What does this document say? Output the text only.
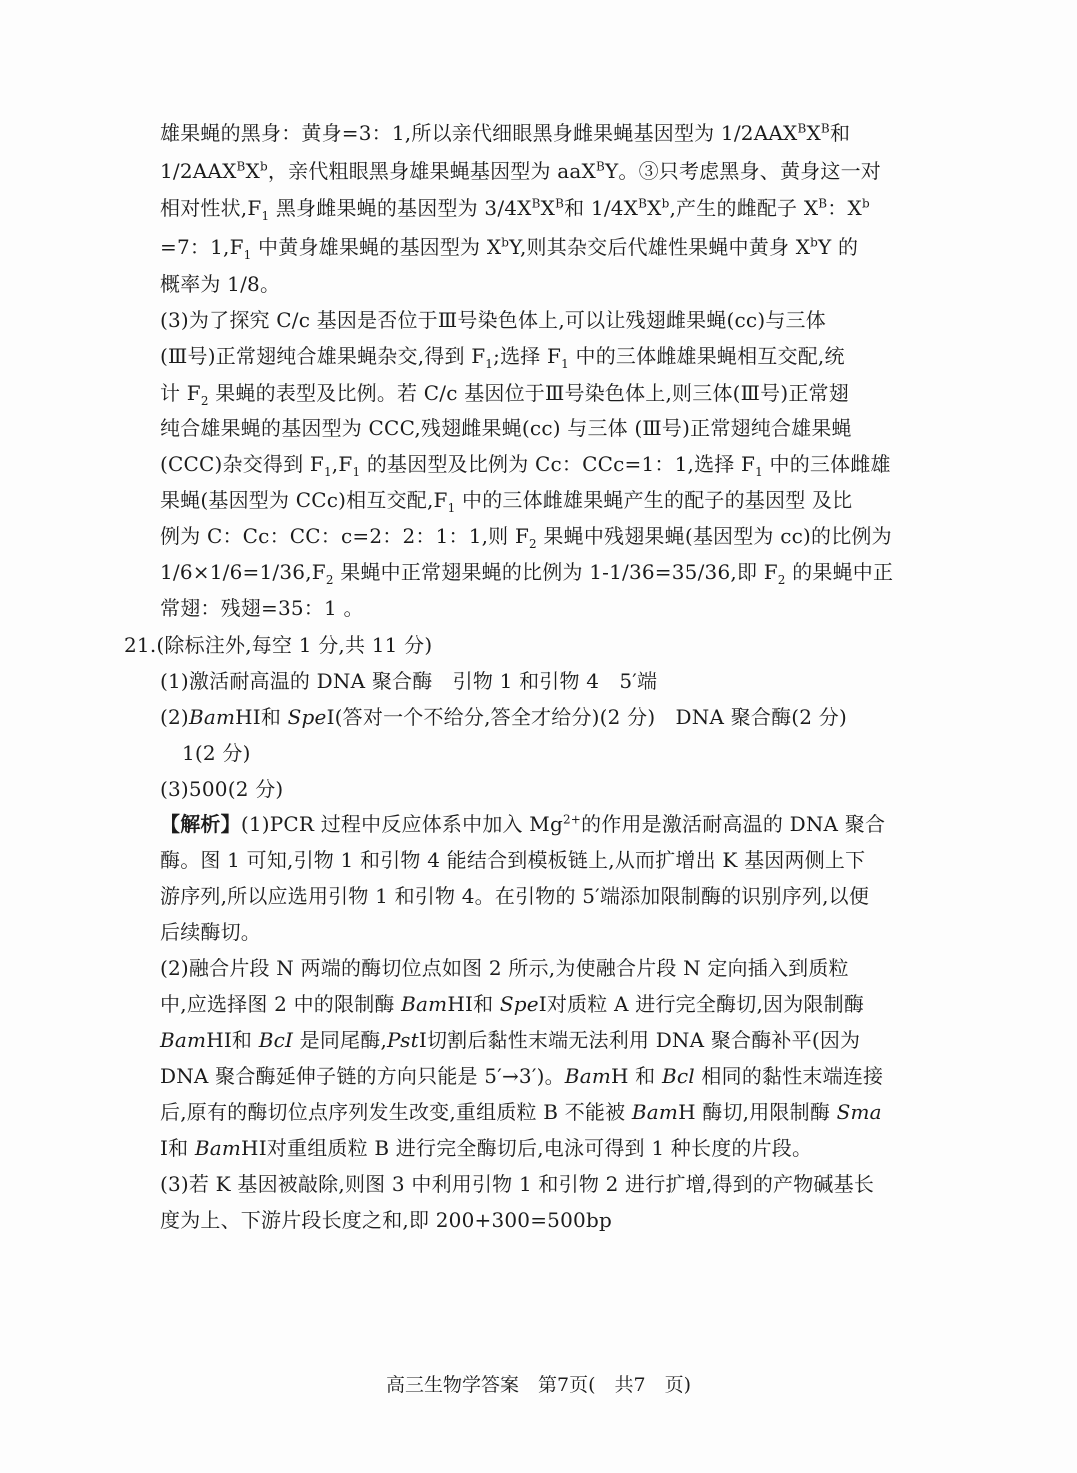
雄果蝇的黑身：黄身=3：1,所以亲代细眼黑身雌果蝇基因型为 $1/2AAX^BX^B$和
$1/2AAX^BX^b$，亲代粗眼黑身雄果蝇基因型为 aaX$^B$Y。③只考虑黑身、黄身这一对
相对性状$,F_1$ 黑身雌果蝇的基因型为 $3/4X^BX^B$和 $1/4X^BX^b$,产生的雌配子 $X^B$：$X^b$
=7：$1,F_1$ 中黄身雄果蝇的基因型为 $X^bY$,则其杂交后代雄性果蝇中黄身 $X^bY$ 的
概率为 1/8。
(3)为了探究 C/c 基因是否位于Ⅲ号染色体上,可以让残翅雌果蝇(cc)与三体
(Ⅲ号)正常翅纯合雄果蝇杂交,得到 $F_1$;选择 $F_1$ 中的三体雌雄果蝇相互交配,统
计 $F_2$ 果蝇的表型及比例。若 C/c 基因位于Ⅲ号染色体上,则三体(Ⅲ号)正常翅
纯合雄果蝇的基因型为 CCC,残翅雌果蝇(cc) 与三体 (Ⅲ号)正常翅纯合雄果蝇
(CCC)杂交得到 $F_1,F_1$ 的基因型及比例为 Cc：CCc=1：1,选择 $F_1$ 中的三体雌雄
果蝇(基因型为 CCc)相互交配$,F_1$ 中的三体雌雄果蝇产生的配子的基因型 及比
例为 C：Cc：CC：c=2：2：1：1,则 $F_2$ 果蝇中残翅果蝇(基因型为 cc)的比例为
$1/6\times 1/6=1/36,F_2$ 果蝇中正常翅果蝇的比例为 1-1/36=35/36,即 $F_2$ 的果蝇中正
常翅：残翅=35：1 。
21.(除标注外,每空 1 分,共 11 分)
(1)激活耐高温的 DNA 聚合酶　引物 1 和引物 4　5′端
(2)BamHⅠ和 SpeⅠ(答对一个不给分,答全才给分)(2 分)　DNA 聚合酶(2 分)
1(2 分)
(3)500(2 分)
【解析】(1)PCR 过程中反应体系中加入 $Mg^{2+}$的作用是激活耐高温的 DNA 聚合
酶。图 1 可知,引物 1 和引物 4 能结合到模板链上,从而扩增出 K 基因两侧上下
游序列,所以应选用引物 1 和引物 4。在引物的 5′端添加限制酶的识别序列,以便
后续酶切。
(2)融合片段 N 两端的酶切位点如图 2 所示,为使融合片段 N 定向插入到质粒
中,应选择图 2 中的限制酶 BamHⅠ和 SpeⅠ对质粒 A 进行完全酶切,因为限制酶
BamHⅠ和 BcI 是同尾酶,PstⅠ切割后黏性末端无法利用 DNA 聚合酶补平(因为
DNA 聚合酶延伸子链的方向只能是 5′→3′)。BamH 和 Bcl 相同的黏性末端连接
后,原有的酶切位点序列发生改变,重组质粒 B 不能被 BamH 酶切,用限制酶 Sma
Ⅰ和 BamHⅠ对重组质粒 B 进行完全酶切后,电泳可得到 1 种长度的片段。
(3)若 K 基因被敲除,则图 3 中利用引物 1 和引物 2 进行扩增,得到的产物碱基长
度为上、下游片段长度之和,即 200+300=500bp
高三生物学答案　第7页(　共7　页)
